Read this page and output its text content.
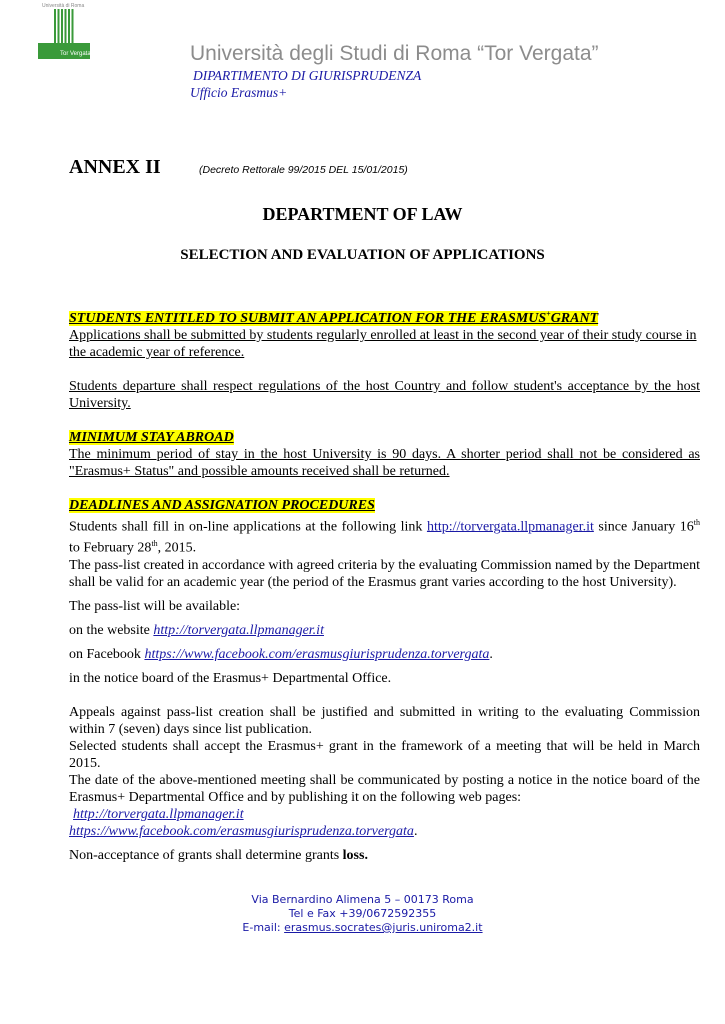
Università di Roma
Tor Vergata	Università degli Studi di Roma “Tor Vergata”
DIPARTIMENTO DI GIURISPRUDENZA
Ufficio Erasmus+
ANNEX II	(Decreto Rettorale 99/2015 DEL 15/01/2015)
DEPARTMENT OF LAW
SELECTION AND EVALUATION OF APPLICATIONS

STUDENTS ENTITLED TO SUBMIT AN APPLICATION FOR THE ERASMUS+GRANT

Applications shall be submitted by students regularly enrolled at least in the second year of their study course in the academic year of reference.

Students departure shall respect regulations of the host Country and follow student's acceptance by the host University.

MINIMUM STAY ABROAD

The minimum period of stay in the host University is 90 days. A shorter period shall not be considered as "Erasmus+ Status" and possible amounts received shall be returned.

DEADLINES AND ASSIGNATION PROCEDURES

Students shall fill in on-line applications at the following link http://torvergata.llpmanager.it since January 16th to February 28th, 2015.

The pass-list created in accordance with agreed criteria by the evaluating Commission named by the Department shall be valid for an academic year (the period of the Erasmus grant varies according to the host University).

The pass-list will be available:

on the website http://torvergata.llpmanager.it

on Facebook https://www.facebook.com/erasmusgiurisprudenza.torvergata.

in the notice board of the Erasmus+ Departmental Office.

Appeals against pass-list creation shall be justified and submitted in writing to the evaluating Commission within 7 (seven) days since list publication.

Selected students shall accept the Erasmus+ grant in the framework of a meeting that will be held in March 2015.

The date of the above-mentioned meeting shall be communicated by posting a notice in the notice board of the Erasmus+ Departmental Office and by publishing it on the following web pages:

http://torvergata.llpmanager.it

https://www.facebook.com/erasmusgiurisprudenza.torvergata.

Non-acceptance of grants shall determine grants loss.

Via Bernardino Alimena 5 – 00173 Roma
Tel e Fax +39/0672592355
E-mail: erasmus.socrates@juris.uniroma2.it
